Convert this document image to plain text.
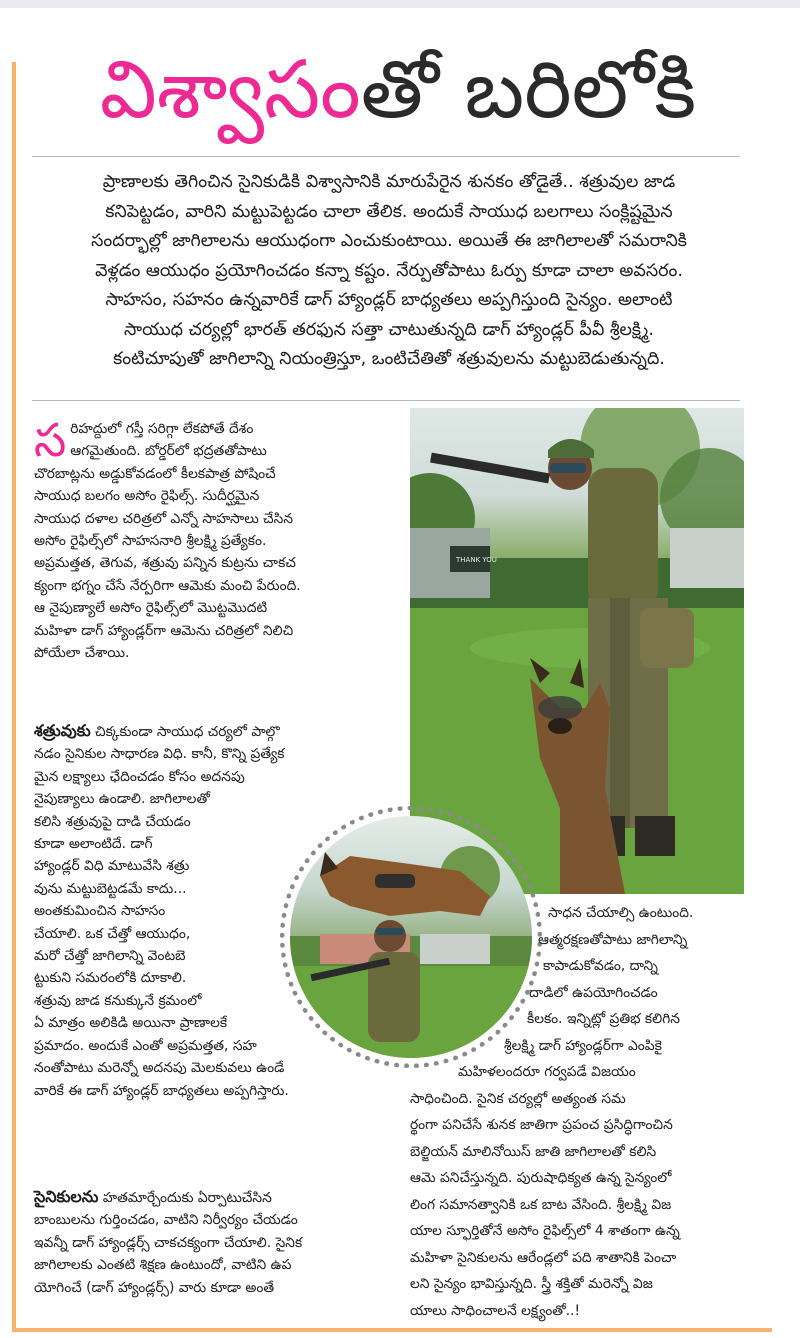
విశ్వాసం తో బరిలోకి
ప్రాణాలకు తెగించిన సైనికుడికి విశ్వాసానికి మారుపేరైన శునకం తోడైతే.. శత్రువుల జాడ
కనిపెట్టడం, వారిని మట్టుపెట్టడం చాలా తేలిక. అందుకే సాయుధ బలగాలు సంక్లిష్టమైన
సందర్భాల్లో జాగిలాలను ఆయుధంగా ఎంచుకుంటాయి. అయితే ఈ జాగిలాలతో సమరానికి
వెళ్లడం ఆయుధం ప్రయోగించడం కన్నా కష్టం. నేర్పుతోపాటు ఓర్పు కూడా చాలా అవసరం.
సాహసం, సహనం ఉన్నవారికే డాగ్‌ హ్యాండ్లర్‌ బాధ్యతలు అప్పగిస్తుంది సైన్యం. అలాంటి
సాయుధ చర్యల్లో భారత్‌ తరఫున సత్తా చాటుతున్నది డాగ్‌ హ్యాండ్లర్‌ పీవీ శ్రీలక్ష్మి.
కంటిచూపుతో జాగిలాన్ని నియంత్రిస్తూ, ఒంటిచేతితో శత్రువులను మట్టుబెడుతున్నది.
THANK YOU
స రిహద్దులో గస్తీ సరిగ్గా లేకపోతే దేశం
ఆగమైతుంది. బోర్డర్‌లో భద్రతతోపాటు
చొరబాట్లను అడ్డుకోవడంలో కీలకపాత్ర పోషించే
సాయుధ బలగం అసోం రైఫిల్స్‌. సుదీర్ఘమైన
సాయుధ దళాల చరిత్రలో ఎన్నో సాహసాలు చేసిన
అసోం రైఫిల్స్‌లో సాహసనారి శ్రీలక్ష్మి ప్రత్యేకం.
అప్రమత్తత, తెగువ, శత్రువు పన్నిన కుట్రను చాకచ
క్యంగా భగ్నం చేసే నేర్పరిగా ఆమెకు మంచి పేరుంది.
ఆ నైపుణ్యాలే అసోం రైఫిల్స్‌లో మొట్టమొదటి
మహిళా డాగ్‌ హ్యాండ్లర్‌గా ఆమెను చరిత్రలో నిలిచి
పోయేలా చేశాయి.
శత్రువుకు చిక్కకుండా సాయుధ చర్యలో పాల్గొ
నడం సైనికుల సాధారణ విధి. కానీ, కొన్ని ప్రత్యేక
మైన లక్ష్యాలు ఛేదించడం కోసం అదనపు
నైపుణ్యాలు ఉండాలి. జాగిలాలతో
కలిసి శత్రువుపై దాడి చేయడం
కూడా అలాంటిదే. డాగ్‌
హ్యాండ్లర్‌ విధి మాటువేసి శత్రు
వును మట్టుబెట్టడమే కాదు...
అంతకుమించిన సాహసం
చేయాలి. ఒక చేత్తో ఆయుధం,
మరో చేత్తో జాగిలాన్ని వెంటబె
ట్టుకుని సమరంలోకి దూకాలి.
శత్రువు జాడ కనుక్కునే క్రమంలో
ఏ మాత్రం అలికిడి అయినా ప్రాణాలకే
ప్రమాదం. అందుకే ఎంతో అప్రమత్తత, సహ
నంతోపాటు మరెన్నో అదనపు మెలకువలు ఉండే
వారికే ఈ డాగ్‌ హ్యాండ్లర్‌ బాధ్యతలు అప్పగిస్తారు.
సైనికులను హతమార్చేందుకు ఏర్పాటుచేసిన
బాంబులను గుర్తించడం, వాటిని నిర్వీర్యం చేయడం
ఇవన్నీ డాగ్‌ హ్యాండ్లర్స్‌ చాకచక్యంగా చేయాలి. సైనిక
జాగిలాలకు ఎంతటి శిక్షణ ఉంటుందో, వాటిని ఉప
యోగించే (డాగ్‌ హ్యాండ్లర్స్‌) వారు కూడా అంతే
సాధన చేయాల్సి ఉంటుంది.
ఆత్మరక్షణతోపాటు జాగిలాన్ని
కాపాడుకోవడం, దాన్ని
దాడిలో ఉపయోగించడం
కీలకం. ఇన్నిట్లో ప్రతిభ కలిగిన
శ్రీలక్ష్మి డాగ్‌ హ్యాండ్లర్‌గా ఎంపికై
మహిళలందరూ గర్వపడే విజయం
సాధించింది. సైనిక చర్యల్లో అత్యంత సమ
ర్థంగా పనిచేసే శునక జాతిగా ప్రపంచ ప్రసిద్ధిగాంచిన
బెల్జియన్‌ మాలినోయిస్‌ జాతి జాగిలాలతో కలిసి
ఆమె పనిచేస్తున్నది. పురుషాధిక్యత ఉన్న సైన్యంలో
లింగ సమానత్వానికి ఒక బాట వేసింది. శ్రీలక్ష్మి విజ
యాల స్ఫూర్తితోనే అసోం రైఫిల్స్‌లో 4 శాతంగా ఉన్న
మహిళా సైనికులను ఆరేండ్లలో పది శాతానికి పెంచా
లని సైన్యం భావిస్తున్నది. స్త్రీ శక్తితో మరెన్నో విజ
యాలు సాధించాలనే లక్ష్యంతో..!
